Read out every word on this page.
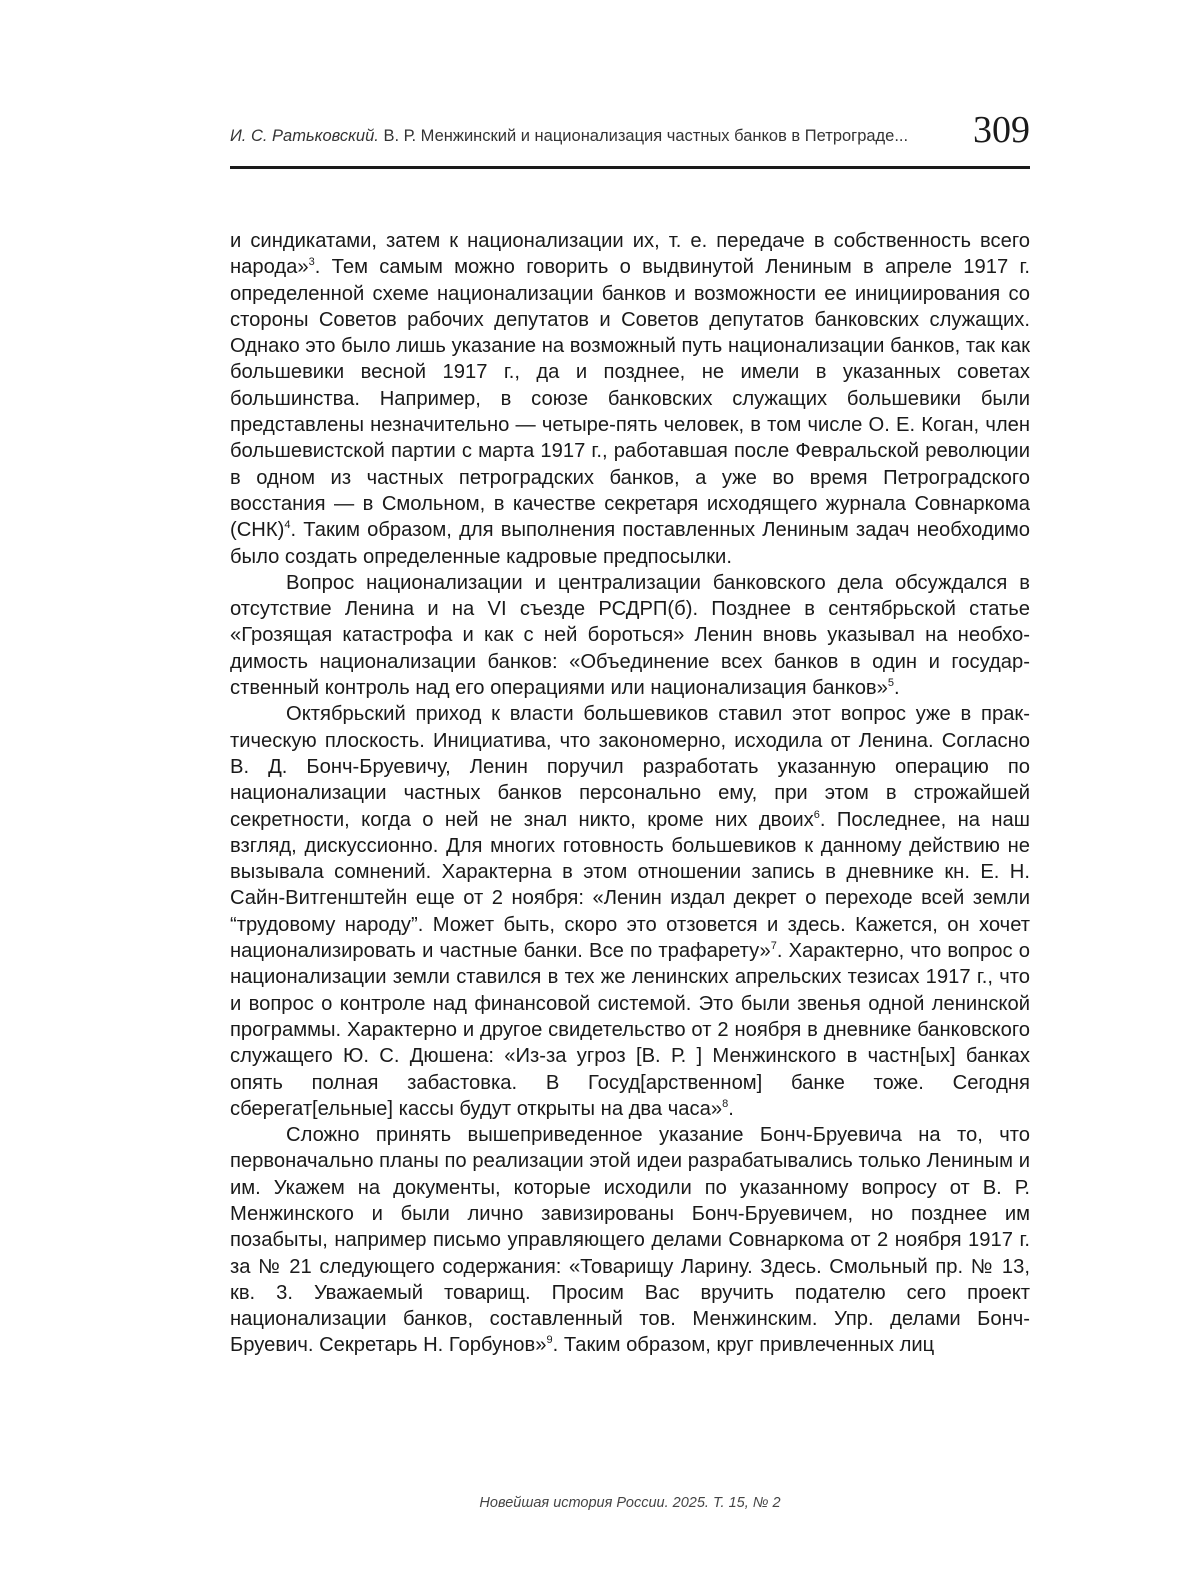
И. С. Ратьковский. В. Р. Менжинский и национализация частных банков в Петрограде... 309

и синдикатами, затем к национализации их, т. е. передаче в собственность всего народа»$^3$. Тем самым можно говорить о выдвинутой Лениным в апреле 1917 г. определенной схеме национализации банков и возможности ее инициирования со стороны Советов рабочих депутатов и Советов депутатов банковских служащих. Однако это было лишь указание на возможный путь национализации банков, так как большевики весной 1917 г., да и позднее, не имели в указанных советах большинства. Например, в союзе банковских служащих большевики были представлены незначительно — четыре-пять человек, в том числе О. Е. Коган, член большевистской партии с марта 1917 г., работавшая после Февральской революции в одном из частных петроградских банков, а уже во время Петроградского восстания — в Смольном, в качестве секретаря исходящего журнала Совнаркома (СНК)$^4$. Таким образом, для выполнения поставленных Лениным задач необходимо было создать определенные кадровые предпосылки.

Вопрос национализации и централизации банковского дела обсуждался в отсутствие Ленина и на VI съезде РСДРП(б). Позднее в сентябрьской статье «Грозящая катастрофа и как с ней бороться» Ленин вновь указывал на необходимость национализации банков: «Объединение всех банков в один и государственный контроль над его операциями или национализация банков»$^5$.

Октябрьский приход к власти большевиков ставил этот вопрос уже в практическую плоскость. Инициатива, что закономерно, исходила от Ленина. Согласно В. Д. Бонч-Бруевичу, Ленин поручил разработать указанную операцию по национализации частных банков персонально ему, при этом в строжайшей секретности, когда о ней не знал никто, кроме них двоих$^6$. Последнее, на наш взгляд, дискуссионно. Для многих готовность большевиков к данному действию не вызывала сомнений. Характерна в этом отношении запись в дневнике кн. Е. Н. Сайн-Витгенштейн еще от 2 ноября: «Ленин издал декрет о переходе всей земли “трудовому народу”. Может быть, скоро это отзовется и здесь. Кажется, он хочет национализировать и частные банки. Все по трафарету»$^7$. Характерно, что вопрос о национализации земли ставился в тех же ленинских апрельских тезисах 1917 г., что и вопрос о контроле над финансовой системой. Это были звенья одной ленинской программы. Характерно и другое свидетельство от 2 ноября в дневнике банковского служащего Ю. С. Дюшена: «Из-за угроз [В. Р. ] Менжинского в частн[ых] банках опять полная забастовка. В Госуд[арственном] банке тоже. Сегодня сберегат[ельные] кассы будут открыты на два часа»$^8$.

Сложно принять вышеприведенное указание Бонч-Бруевича на то, что первоначально планы по реализации этой идеи разрабатывались только Лениным и им. Укажем на документы, которые исходили по указанному вопросу от В. Р. Менжинского и были лично завизированы Бонч-Бруевичем, но позднее им позабыты, например письмо управляющего делами Совнаркома от 2 ноября 1917 г. за № 21 следующего содержания: «Товарищу Ларину. Здесь. Смольный пр. № 13, кв. 3. Уважаемый товарищ. Просим Вас вручить подателю сего проект национализации банков, составленный тов. Менжинским. Упр. делами Бонч-Бруевич. Секретарь Н. Горбунов»$^9$. Таким образом, круг привлеченных лиц

Новейшая история России. 2025. Т. 15, № 2
